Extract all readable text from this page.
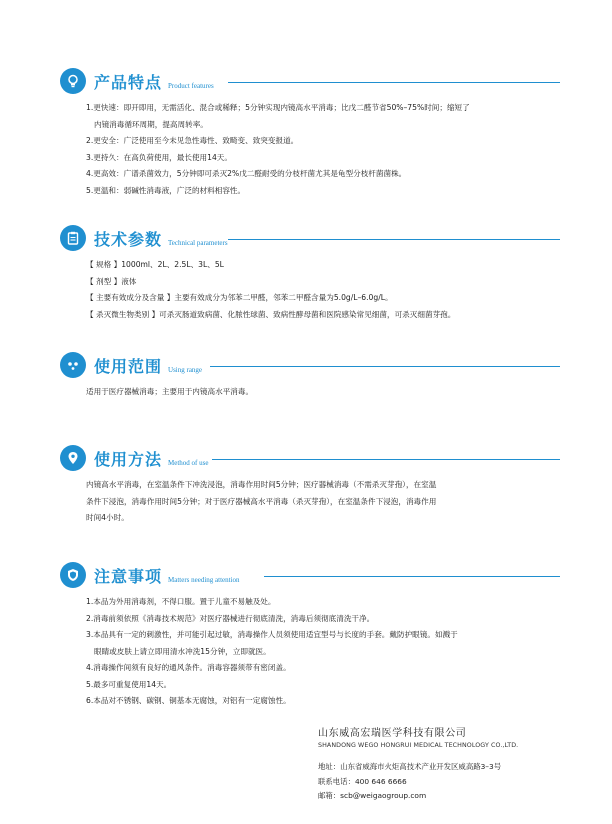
产品特点 Product features

1.更快速：即开即用，无需活化、混合或稀释；5分钟实现内镜高水平消毒；比戊二醛节省50%–75%时间；缩短了

内镜消毒循环周期，提高周转率。

2.更安全：广泛使用至今未见急性毒性、致畸变、致突变报道。

3.更持久：在高负荷使用，最长使用14天。

4.更高效：广谱杀菌效力，5分钟即可杀灭2%戊二醛耐受的分枝杆菌尤其是龟型分枝杆菌菌株。

5.更温和：弱碱性消毒液，广泛的材料相容性。

技术参数 Technical parameters

【 规格 】1000ml、2L、2.5L、3L、5L

【 剂型 】液体

【 主要有效成分及含量 】主要有效成分为邻苯二甲醛，邻苯二甲醛含量为5.0g/L–6.0g/L。

【 杀灭微生物类别 】可杀灭肠道致病菌、化脓性球菌、致病性酵母菌和医院感染常见细菌，可杀灭细菌芽孢。

使用范围 Using range

适用于医疗器械消毒；主要用于内镜高水平消毒。

使用方法 Method of use

内镜高水平消毒，在室温条件下冲洗浸泡，消毒作用时间5分钟；医疗器械消毒（不需杀灭芽孢），在室温

条件下浸泡，消毒作用时间5分钟；对于医疗器械高水平消毒（杀灭芽孢），在室温条件下浸泡，消毒作用

时间4小时。

注意事项 Matters needing attention

1.本品为外用消毒剂，不得口服。置于儿童不易触及处。

2.消毒前须依照《消毒技术规范》对医疗器械进行彻底清洗，消毒后须彻底清洗干净。

3.本品具有一定的刺激性，并可能引起过敏，消毒操作人员须使用适宜型号与长度的手套。戴防护眼镜。如溅于

眼睛或皮肤上请立即用清水冲洗15分钟，立即就医。

4.消毒操作间须有良好的通风条件。消毒容器须带有密闭盖。

5.最多可重复使用14天。

6.本品对不锈钢、碳钢、铜基本无腐蚀，对铝有一定腐蚀性。

山东威高宏瑞医学科技有限公司
SHANDONG WEGO HONGRUI MEDICAL TECHNOLOGY CO.,LTD.
地址：山东省威海市火炬高技术产业开发区威高路3–3号
联系电话：400 646 6666
邮箱：scb@weigaogroup.com
